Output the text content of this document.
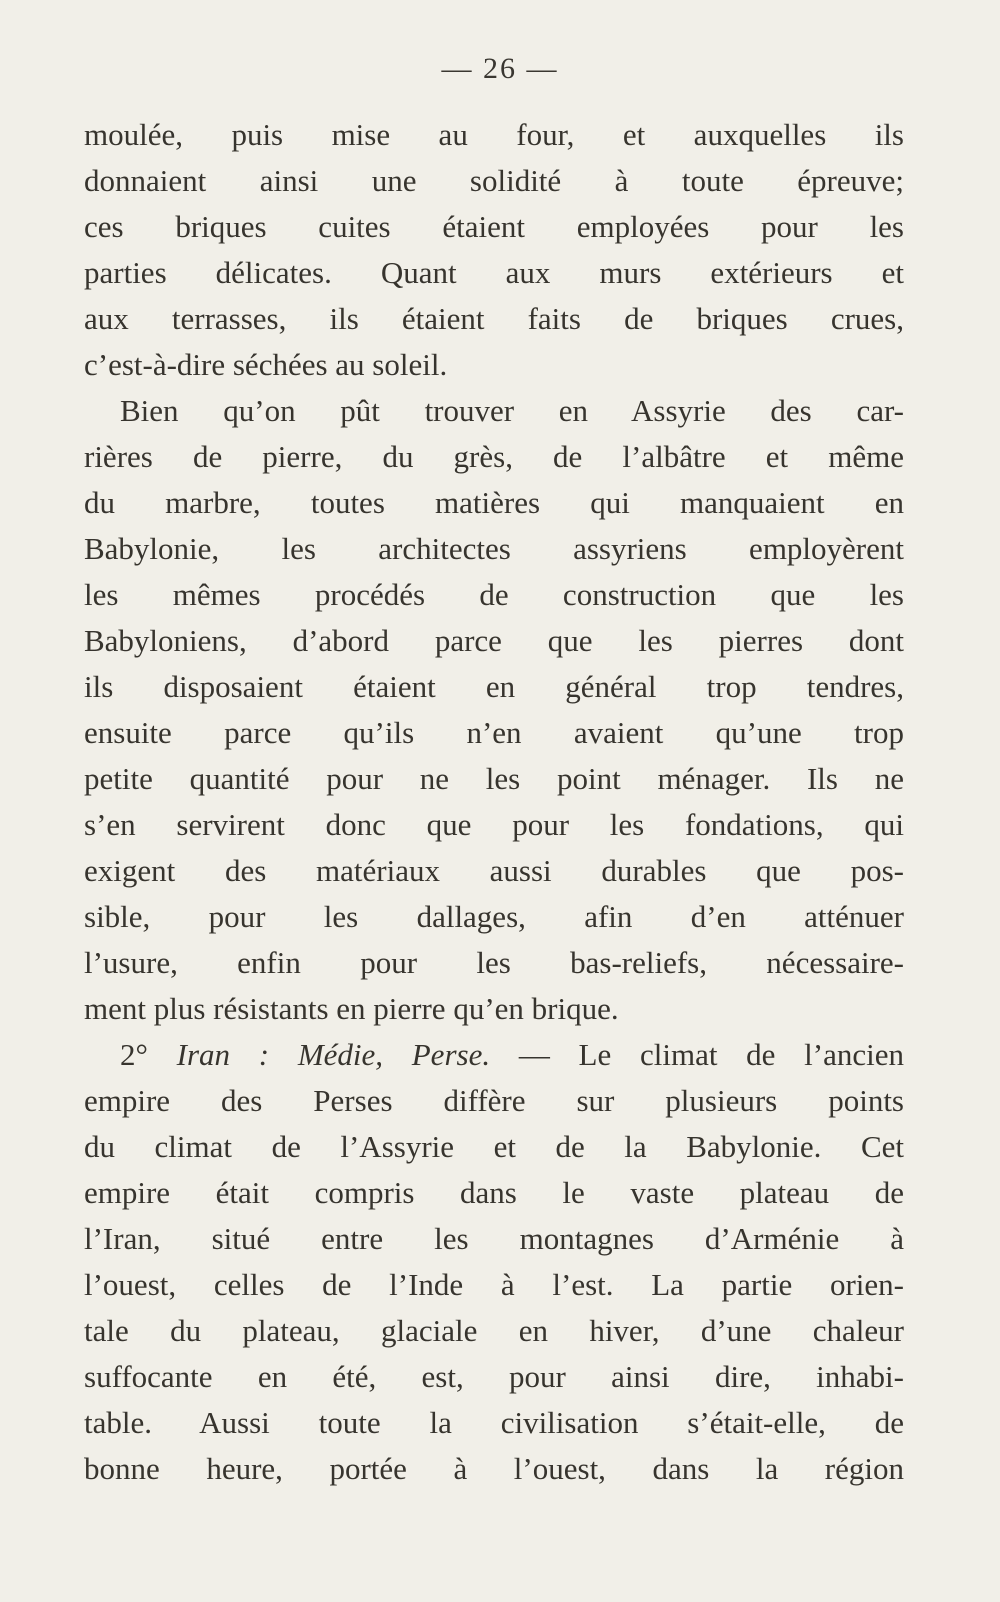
— 26 —
moulée, puis mise au four, et auxquelles ils
donnaient ainsi une solidité à toute épreuve;
ces briques cuites étaient employées pour les
parties délicates. Quant aux murs extérieurs et
aux terrasses, ils étaient faits de briques crues,
c’est-à-dire séchées au soleil.
Bien qu’on pût trouver en Assyrie des car-
rières de pierre, du grès, de l’albâtre et même
du marbre, toutes matières qui manquaient en
Babylonie, les architectes assyriens employèrent
les mêmes procédés de construction que les
Babyloniens, d’abord parce que les pierres dont
ils disposaient étaient en général trop tendres,
ensuite parce qu’ils n’en avaient qu’une trop
petite quantité pour ne les point ménager. Ils ne
s’en servirent donc que pour les fondations, qui
exigent des matériaux aussi durables que pos-
sible, pour les dallages, afin d’en atténuer
l’usure, enfin pour les bas-reliefs, nécessaire-
ment plus résistants en pierre qu’en brique.
2° Iran : Médie, Perse. — Le climat de l’ancien
empire des Perses diffère sur plusieurs points
du climat de l’Assyrie et de la Babylonie. Cet
empire était compris dans le vaste plateau de
l’Iran, situé entre les montagnes d’Arménie à
l’ouest, celles de l’Inde à l’est. La partie orien-
tale du plateau, glaciale en hiver, d’une chaleur
suffocante en été, est, pour ainsi dire, inhabi-
table. Aussi toute la civilisation s’était-elle, de
bonne heure, portée à l’ouest, dans la région
